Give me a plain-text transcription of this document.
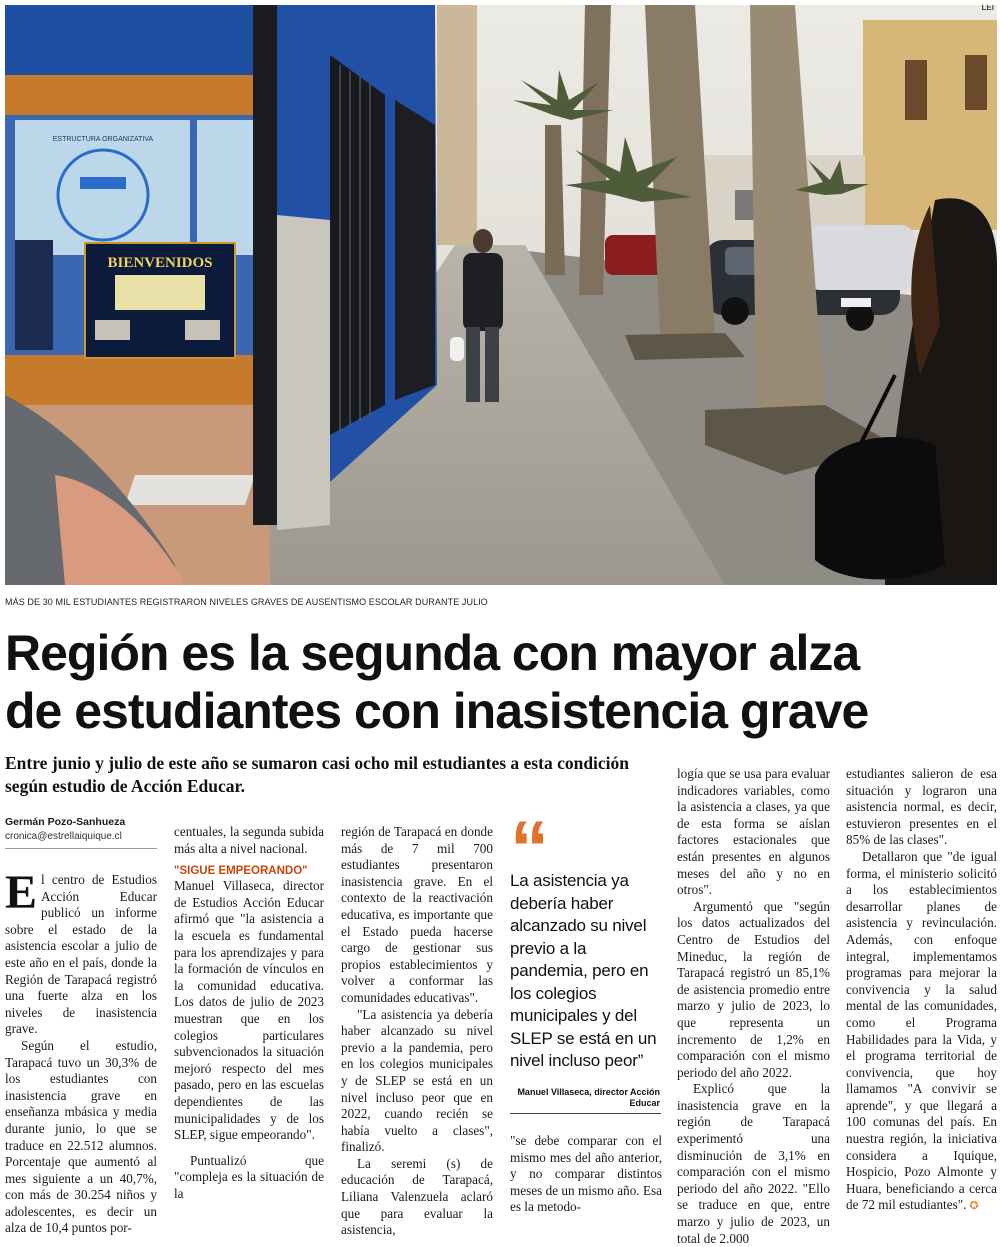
ESTRUCTURA ORGANIZATIVA
BIENVENIDOS
LEI
MÁS DE 30 MIL ESTUDIANTES REGISTRARON NIVELES GRAVES DE AUSENTISMO ESCOLAR DURANTE JULIO
Región es la segunda con mayor alza
de estudiantes con inasistencia grave

Entre junio y julio de este año se sumaron casi ocho mil estudiantes a esta condición según estudio de Acción Educar.

Germán Pozo-Sanhueza
cronica@estrellaiquique.cl

El centro de Estudios Acción Educar publicó un informe sobre el estado de la asistencia escolar a julio de este año en el país, donde la Región de Tarapacá registró una fuerte alza en los niveles de inasistencia grave.

Según el estudio, Tarapacá tuvo un 30,3% de los estudiantes con inasistencia grave en enseñanza mbásica y media durante junio, lo que se traduce en 22.512 alumnos. Porcentaje que aumentó al mes siguiente a un 40,7%, con más de 30.254 niños y adolescentes, es decir un alza de 10,4 puntos por-

centuales, la segunda subida más alta a nivel nacional.

"SIGUE EMPEORANDO"

Manuel Villaseca, director de Estudios Acción Educar afirmó que "la asistencia a la escuela es fundamental para los aprendizajes y para la formación de vínculos en la comunidad educativa. Los datos de julio de 2023 muestran que en los colegios particulares subvencionados la situación mejoró respecto del mes pasado, pero en las escuelas dependientes de las municipalidades y de los SLEP, sigue empeorando".

Puntualizó que "compleja es la situación de la

región de Tarapacá en donde más de 7 mil 700 estudiantes presentaron inasistencia grave. En el contexto de la reactivación educativa, es importante que el Estado pueda hacerse cargo de gestionar sus propios establecimientos y volver a conformar las comunidades educativas".

"La asistencia ya debería haber alcanzado su nivel previo a la pandemia, pero en los colegios municipales y de SLEP se está en un nivel incluso peor que en 2022, cuando recién se había vuelto a clases", finalizó.

La seremi (s) de educación de Tarapacá, Liliana Valenzuela aclaró que para evaluar la asistencia,

“
La asistencia ya debería haber alcanzado su nivel previo a la pandemia, pero en los colegios municipales y del SLEP se está en un nivel incluso peor”
Manuel Villaseca, director Acción Educar

"se debe comparar con el mismo mes del año anterior, y no comparar distintos meses de un mismo año. Esa es la metodo-

logía que se usa para evaluar indicadores variables, como la asistencia a clases, ya que de esta forma se aíslan factores estacionales que están presentes en algunos meses del año y no en otros".

Argumentó que "según los datos actualizados del Centro de Estudios del Mineduc, la región de Tarapacá registró un 85,1% de asistencia promedio entre marzo y julio de 2023, lo que representa un incremento de 1,2% en comparación con el mismo periodo del año 2022.

Explicó que la inasistencia grave en la región de Tarapacá experimentó una disminución de 3,1% en comparación con el mismo periodo del año 2022. "Ello se traduce en que, entre marzo y julio de 2023, un total de 2.000

estudiantes salieron de esa situación y lograron una asistencia normal, es decir, estuvieron presentes en el 85% de las clases".

Detallaron que "de igual forma, el ministerio solicitó a los establecimientos desarrollar planes de asistencia y revinculación. Además, con enfoque integral, implementamos programas para mejorar la convivencia y la salud mental de las comunidades, como el Programa Habilidades para la Vida, y el programa territorial de convivencia, que hoy llamamos "A convivir se aprende", y que llegará a 100 comunas del país. En nuestra región, la iniciativa considera a Iquique, Hospicio, Pozo Almonte y Huara, beneficiando a cerca de 72 mil estudiantes". ✪
